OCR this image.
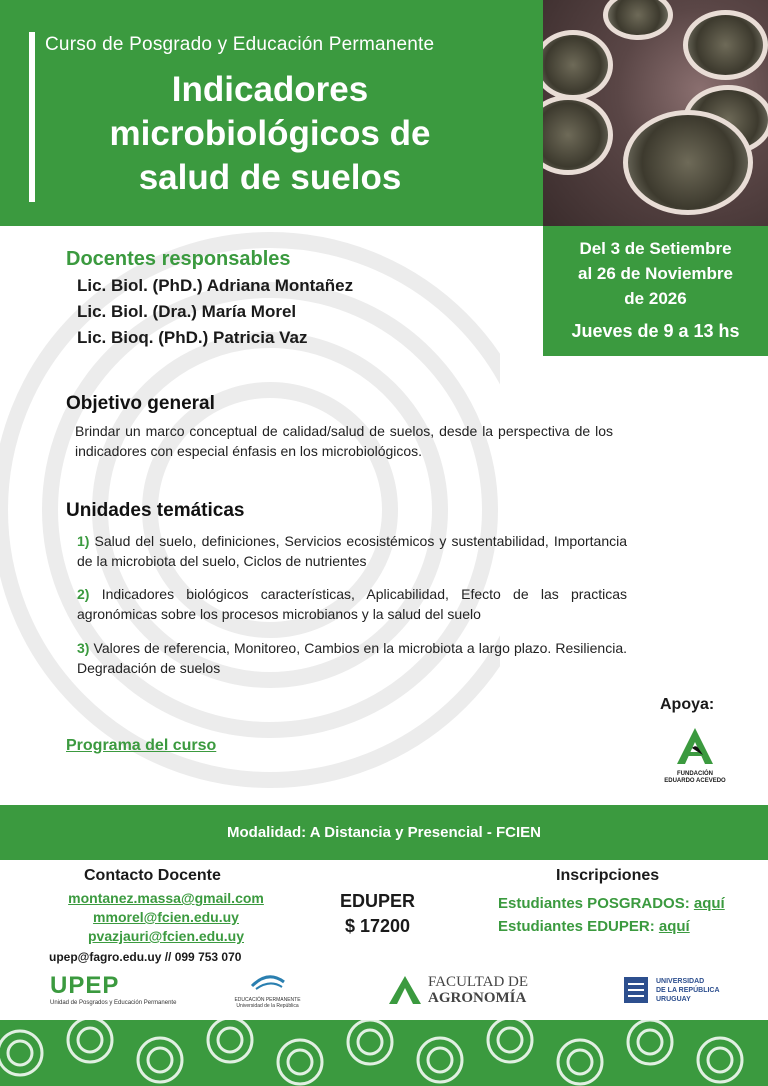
Curso de Posgrado y Educación Permanente
Indicadores
microbiológicos de
salud de suelos
Del 3 de Setiembre
al 26 de Noviembre
de 2026
Jueves de 9 a 13 hs
Docentes responsables
Lic. Biol. (PhD.) Adriana Montañez
Lic. Biol. (Dra.) María Morel
Lic. Bioq. (PhD.) Patricia Vaz
Objetivo general
Brindar un marco conceptual de calidad/salud de suelos, desde la perspectiva de los indicadores con especial énfasis en los microbiológicos.
Unidades temáticas
1) Salud del suelo, definiciones, Servicios ecosistémicos y sustentabilidad, Importancia de la microbiota del suelo, Ciclos de nutrientes
2) Indicadores biológicos características, Aplicabilidad, Efecto de las practicas agronómicas sobre los procesos microbianos y la salud del suelo
3) Valores de referencia, Monitoreo, Cambios en la microbiota a largo plazo. Resiliencia. Degradación de suelos
Programa del curso
Apoya:
FUNDACIÓN
EDUARDO ACEVEDO
Modalidad: A Distancia y Presencial - FCIEN
Contacto Docente
montanez.massa@gmail.com
mmorel@fcien.edu.uy
pvazjauri@fcien.edu.uy
upep@fagro.edu.uy // 099 753 070
EDUPER
$ 17200
Inscripciones
Estudiantes POSGRADOS: aquí
Estudiantes EDUPER: aquí
UPEP
Unidad de Posgrados y Educación Permanente	EDUCACIÓN PERMANENTE
Universidad de la República
FACULTAD DE
AGRONOMÍA
UNIVERSIDAD
DE LA REPÚBLICA
URUGUAY
